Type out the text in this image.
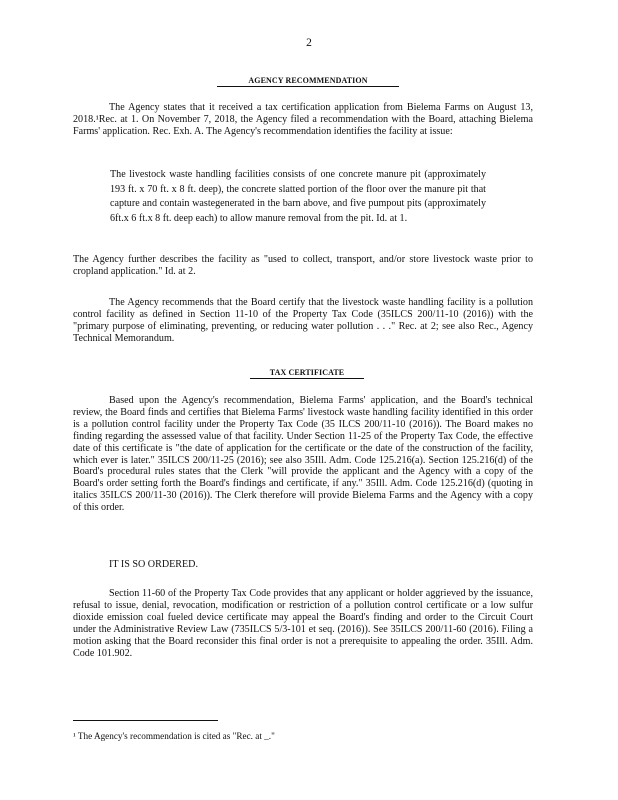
2
AGENCY RECOMMENDATION
The Agency states that it received a tax certification application from Bielema Farms on August 13, 2018.¹Rec. at 1. On November 7, 2018, the Agency filed a recommendation with the Board, attaching Bielema Farms' application. Rec. Exh. A. The Agency's recommendation identifies the facility at issue:
The livestock waste handling facilities consists of one concrete manure pit (approximately 193 ft. x 70 ft. x 8 ft. deep), the concrete slatted portion of the floor over the manure pit that capture and contain wastegenerated in the barn above, and five pumpout pits (approximately 6ft.x 6 ft.x 8 ft. deep each) to allow manure removal from the pit. Id. at 1.
The Agency further describes the facility as "used to collect, transport, and/or store livestock waste prior to cropland application." Id. at 2.
The Agency recommends that the Board certify that the livestock waste handling facility is a pollution control facility as defined in Section 11-10 of the Property Tax Code (35ILCS 200/11-10 (2016)) with the "primary purpose of eliminating, preventing, or reducing water pollution . . ." Rec. at 2; see also Rec., Agency Technical Memorandum.
TAX CERTIFICATE
Based upon the Agency's recommendation, Bielema Farms' application, and the Board's technical review, the Board finds and certifies that Bielema Farms' livestock waste handling facility identified in this order is a pollution control facility under the Property Tax Code (35 ILCS 200/11-10 (2016)). The Board makes no finding regarding the assessed value of that facility. Under Section 11-25 of the Property Tax Code, the effective date of this certificate is "the date of application for the certificate or the date of the construction of the facility, which ever is later." 35ILCS 200/11-25 (2016); see also 35Ill. Adm. Code 125.216(a). Section 125.216(d) of the Board's procedural rules states that the Clerk "will provide the applicant and the Agency with a copy of the Board's order setting forth the Board's findings and certificate, if any." 35Ill. Adm. Code 125.216(d) (quoting in italics 35ILCS 200/11-30 (2016)). The Clerk therefore will provide Bielema Farms and the Agency with a copy of this order.
IT IS SO ORDERED.
Section 11-60 of the Property Tax Code provides that any applicant or holder aggrieved by the issuance, refusal to issue, denial, revocation, modification or restriction of a pollution control certificate or a low sulfur dioxide emission coal fueled device certificate may appeal the Board's finding and order to the Circuit Court under the Administrative Review Law (735ILCS 5/3-101 et seq. (2016)). See 35ILCS 200/11-60 (2016). Filing a motion asking that the Board reconsider this final order is not a prerequisite to appealing the order. 35Ill. Adm. Code 101.902.
¹ The Agency's recommendation is cited as "Rec. at _."
